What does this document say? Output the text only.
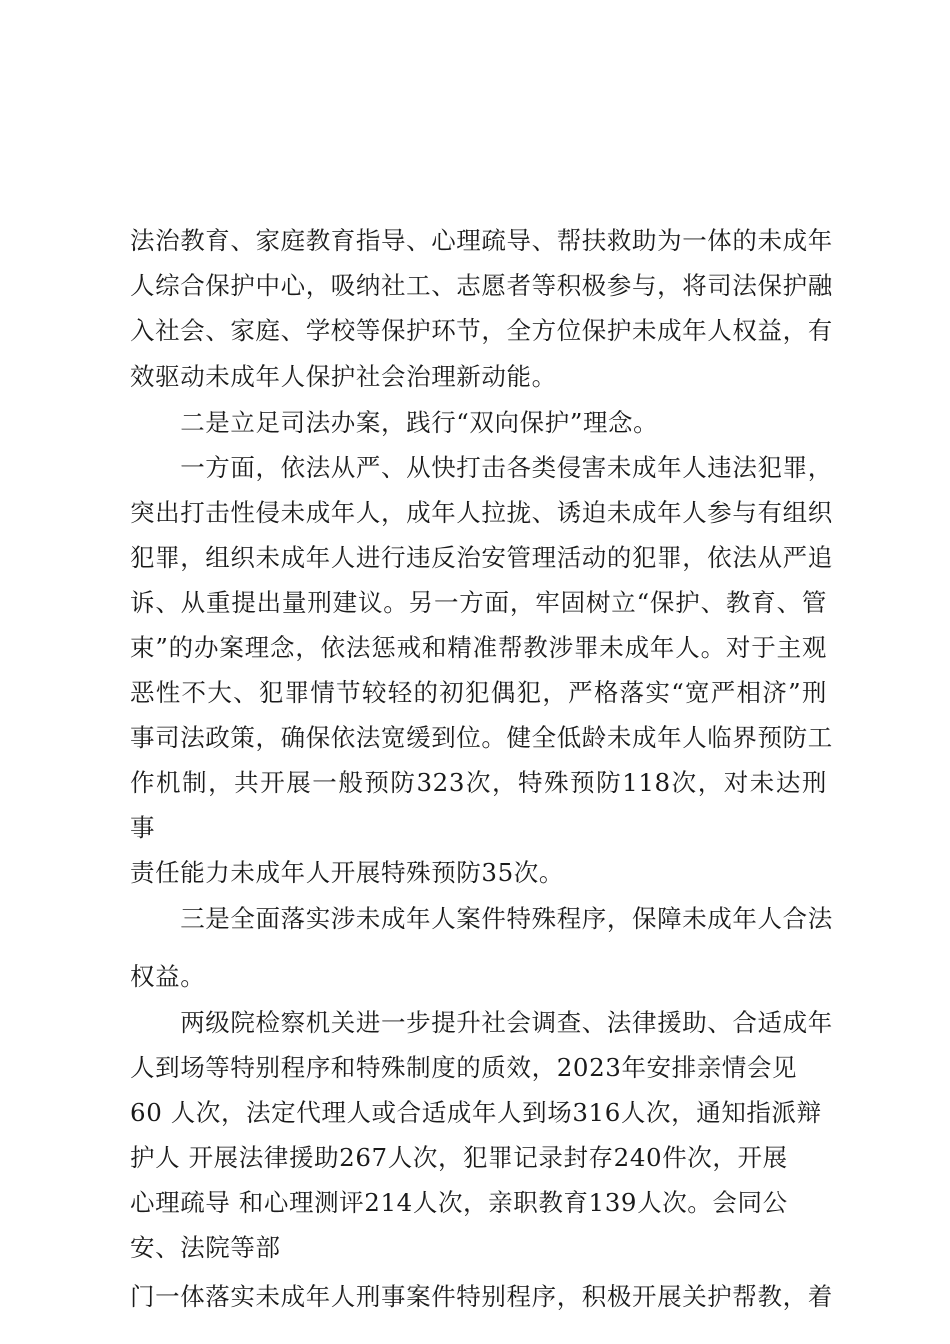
法治教育、家庭教育指导、心理疏导、帮扶救助为一体的未成年
人综合保护中心，吸纳社工、志愿者等积极参与，将司法保护融
入社会、家庭、学校等保护环节，全方位保护未成年人权益，有
效驱动未成年人保护社会治理新动能。
　　二是立足司法办案，践行“双向保护”理念。
　　一方面，依法从严、从快打击各类侵害未成年人违法犯罪，
突出打击性侵未成年人，成年人拉拢、诱迫未成年人参与有组织
犯罪，组织未成年人进行违反治安管理活动的犯罪，依法从严追
诉、从重提出量刑建议。另一方面，牢固树立“保护、教育、管
束”的办案理念，依法惩戒和精准帮教涉罪未成年人。对于主观
恶性不大、犯罪情节较轻的初犯偶犯，严格落实“宽严相济”刑
事司法政策，确保依法宽缓到位。健全低龄未成年人临界预防工
作机制，共开展一般预防323次，特殊预防118次，对未达刑
事
责任能力未成年人开展特殊预防35次。
　　三是全面落实涉未成年人案件特殊程序，保障未成年人合法
权益。
　　两级院检察机关进一步提升社会调查、法律援助、合适成年
人到场等特别程序和特殊制度的质效，2023年安排亲情会见
60 人次，法定代理人或合适成年人到场316人次，通知指派辩
护人 开展法律援助267人次，犯罪记录封存240件次，开展
心理疏导 和心理测评214人次，亲职教育139人次。会同公
安、法院等部
门一体落实未成年人刑事案件特别程序，积极开展关护帮教，着
